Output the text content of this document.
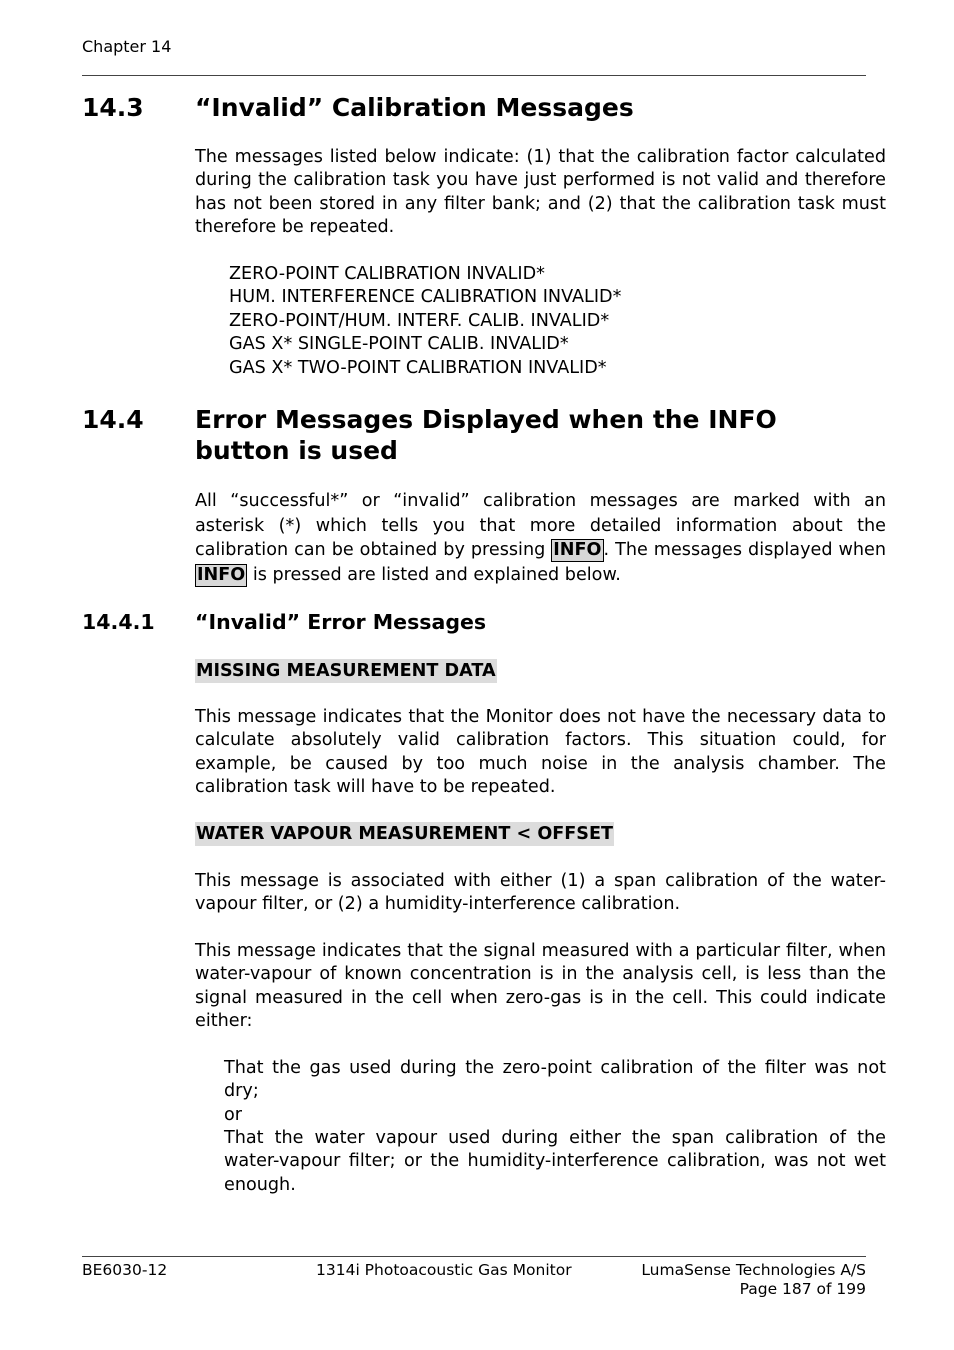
Chapter 14
14.3 “Invalid” Calibration Messages

The messages listed below indicate: (1) that the calibration factor calculated during the calibration task you have just performed is not valid and therefore has not been stored in any filter bank; and (2) that the calibration task must therefore be repeated.

ZERO-POINT CALIBRATION INVALID*
HUM. INTERFERENCE CALIBRATION INVALID*
ZERO-POINT/HUM. INTERF. CALIB. INVALID*
GAS X* SINGLE-POINT CALIB. INVALID*
GAS X* TWO-POINT CALIBRATION INVALID*
14.4 Error Messages Displayed when the INFO button is used

All “successful*” or “invalid” calibration messages are marked with an asterisk (*) which tells you that more detailed information about the calibration can be obtained by pressing INFO . The messages displayed when INFO is pressed are listed and explained below.

14.4.1 “Invalid” Error Messages
MISSING MEASUREMENT DATA

This message indicates that the Monitor does not have the necessary data to calculate absolutely valid calibration factors. This situation could, for example, be caused by too much noise in the analysis chamber. The calibration task will have to be repeated.

WATER VAPOUR MEASUREMENT < OFFSET

This message is associated with either (1) a span calibration of the water-vapour filter, or (2) a humidity-interference calibration.

This message indicates that the signal measured with a particular filter, when water-vapour of known concentration is in the analysis cell, is less than the signal measured in the cell when zero-gas is in the cell. This could indicate either:

That the gas used during the zero-point calibration of the filter was not dry;

or

That the water vapour used during either the span calibration of the water-vapour filter; or the humidity-interference calibration, was not wet enough.

BE6030-12	1314i Photoacoustic Gas Monitor	LumaSense Technologies A/S
Page 187 of 199
